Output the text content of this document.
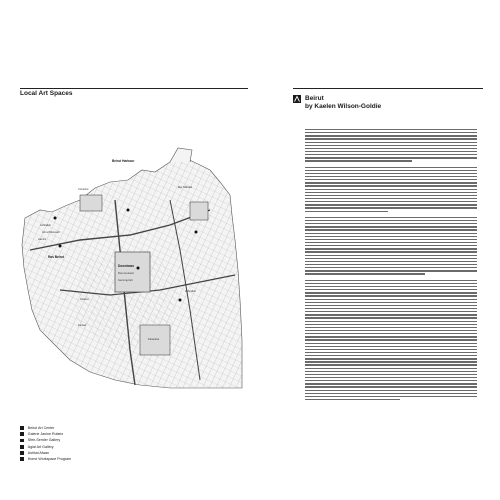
Local Art Spaces
Beirut Harbour
Achrafieh
Ain el Mreisseh
Hamra
Ras Beirut
Downtown
Rue Gouraud
Gemmayzeh
Mar Mikhael
Corniche
Sodeco
Kantari
Achrafieh
Karantina
Beirut Art Center
Galerie Janine Rubeiz
Sfeir-Semler Gallery
Agial Art Gallery
Ashkal Alwan
Home Workspace Program
Beirut
by Kaelen Wilson-Goldie
